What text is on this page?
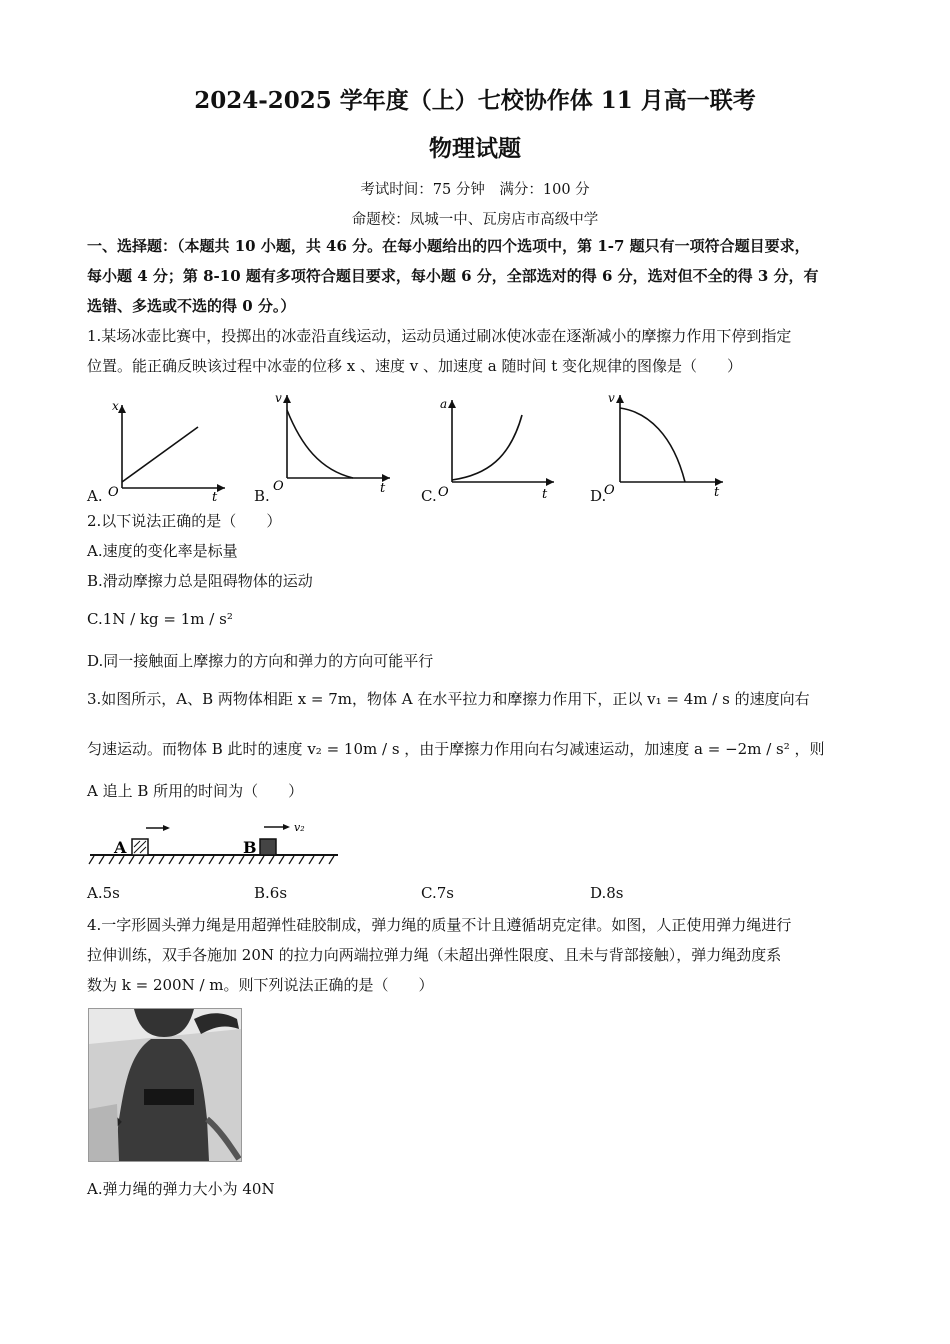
2024-2025 学年度（上）七校协作体 11 月高一联考
物理试题
考试时间：75 分钟　满分：100 分
命题校：凤城一中、瓦房店市高级中学
一、选择题：（本题共 10 小题，共 46 分。在每小题给出的四个选项中，第 1-7 题只有一项符合题目要求，
每小题 4 分；第 8-10 题有多项符合题目要求，每小题 6 分，全部选对的得 6 分，选对但不全的得 3 分，有
选错、多选或不选的得 0 分。）
1.某场冰壶比赛中，投掷出的冰壶沿直线运动，运动员通过刷冰使冰壶在逐渐减小的摩擦力作用下停到指定
位置。能正确反映该过程中冰壶的位移 x 、速度 v 、加速度 a 随时间 t 变化规律的图像是（　　）
A.
x
O	t B.
v
O	t C.
a
O	t	D.
v
O	t
2.以下说法正确的是（　　）
A.速度的变化率是标量
B.滑动摩擦力总是阻碍物体的运动
C.1N / kg = 1m / s²
D.同一接触面上摩擦力的方向和弹力的方向可能平行
3.如图所示，A、B 两物体相距 x = 7m，物体 A 在水平拉力和摩擦力作用下，正以 v₁ = 4m / s 的速度向右
匀速运动。而物体 B 此时的速度 v₂ = 10m / s ，由于摩擦力作用向右匀减速运动，加速度 a = −2m / s² ，则
A 追上 B 所用的时间为（　　）
A	B
v₂
A.5s	B.6s	C.7s	D.8s
4.一字形圆头弹力绳是用超弹性硅胶制成，弹力绳的质量不计且遵循胡克定律。如图，人正使用弹力绳进行
拉伸训练，双手各施加 20N 的拉力向两端拉弹力绳（未超出弹性限度、且未与背部接触），弹力绳劲度系
数为 k = 200N / m。则下列说法正确的是（　　）
A.弹力绳的弹力大小为 40N
